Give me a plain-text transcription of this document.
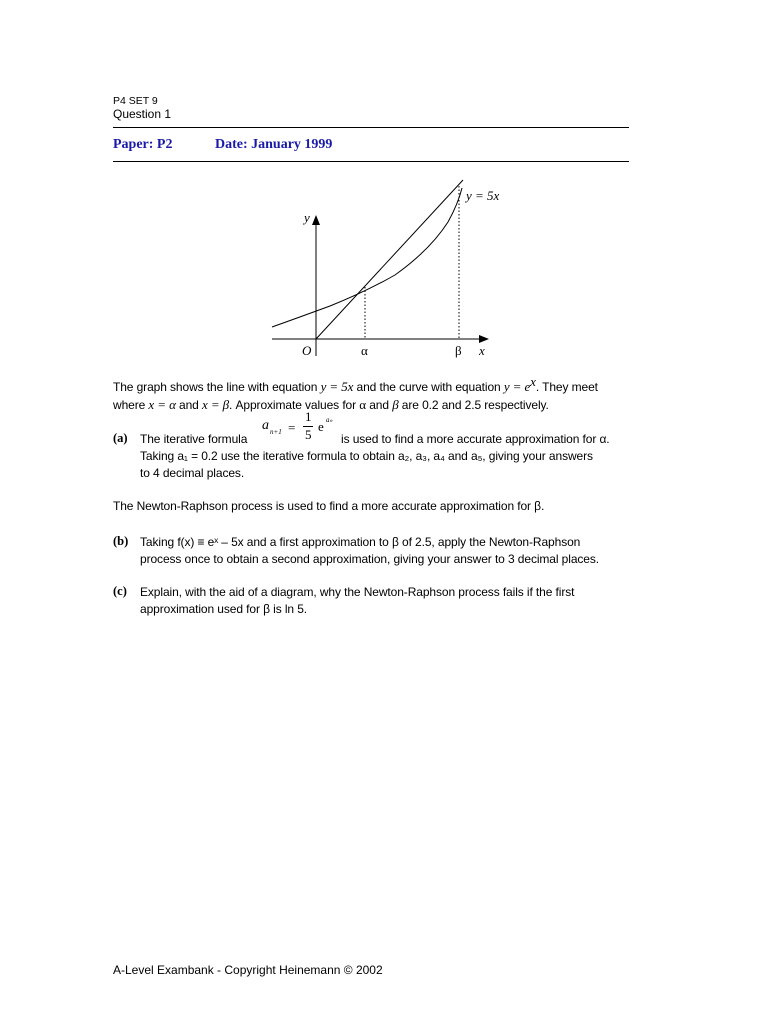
P4 SET 9
Question 1
Paper: P2	Date: January 1999
y = 5x
y
x
O	α	β
The graph shows the line with equation y = 5x and the curve with equation $y = e^x$. They meet
where x = α and x = β. Approximate values for α and β are 0.2 and 2.5 respectively.
(a) The iterative formula
a n+1 =
1
5
e aₙ
is used to find a more accurate approximation for α.
Taking a₁ = 0.2 use the iterative formula to obtain a₂, a₃, a₄ and a₅, giving your answers
to 4 decimal places.
The Newton-Raphson process is used to find a more accurate approximation for β.
(b) Taking f(x) ≡ eˣ – 5x and a first approximation to β of 2.5, apply the Newton-Raphson
process once to obtain a second approximation, giving your answer to 3 decimal places.
(c) Explain, with the aid of a diagram, why the Newton-Raphson process fails if the first
approximation used for β is ln 5.
A-Level Exambank - Copyright Heinemann © 2002
